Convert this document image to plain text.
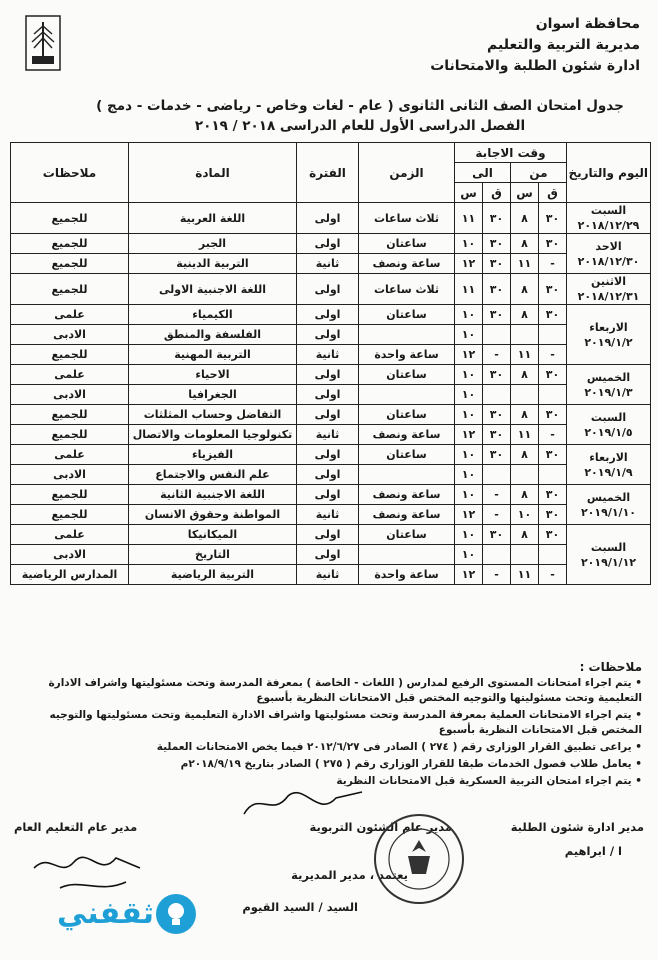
محافظة اسوان
مديرية التربية والتعليم
ادارة شئون الطلبة والامتحانات
جدول امتحان الصف الثانى الثانوى ( عام - لغات وخاص - رياضى - خدمات - دمج )
الفصل الدراسى الأول للعام الدراسى ٢٠١٨ / ٢٠١٩
اليوم والتاريخ	وقت الاجابة				الزمن	الفترة	المادة	ملاحظات
	من		الى					
	ق	س	ق	س				

السبت
٢٠١٨/١٢/٢٩	٣٠	٨	٣٠	١١	ثلاث ساعات	اولى	اللغة العربية	للجميع

الاحد
٢٠١٨/١٢/٣٠	٣٠	٨	٣٠	١٠	ساعتان	اولى	الجبر	للجميع
	-	١١	٣٠	١٢	ساعة ونصف	ثانية	التربية الدينية	للجميع

الاثنين
٢٠١٨/١٢/٣١	٣٠	٨	٣٠	١١	ثلاث ساعات	اولى	اللغة الاجنبية الاولى	للجميع

الاربعاء
٢٠١٩/١/٢	٣٠	٨	٣٠	١٠	ساعتان	اولى	الكيمياء	علمى
				١٠		اولى	الفلسفة والمنطق	الادبى
	-	١١	-	١٢	ساعة واحدة	ثانية	التربية المهنية	للجميع

الخميس
٢٠١٩/١/٣	٣٠	٨	٣٠	١٠	ساعتان	اولى	الاحياء	علمى
				١٠		اولى	الجغرافيا	الادبى

السبت
٢٠١٩/١/٥	٣٠	٨	٣٠	١٠	ساعتان	اولى	التفاضل وحساب المثلثات	للجميع
	-	١١	٣٠	١٢	ساعة ونصف	ثانية	تكنولوجيا المعلومات والاتصال	للجميع

الاربعاء
٢٠١٩/١/٩	٣٠	٨	٣٠	١٠	ساعتان	اولى	الفيزياء	علمى
				١٠		اولى	علم النفس والاجتماع	الادبى

الخميس
٢٠١٩/١/١٠	٣٠	٨	-	١٠	ساعة ونصف	اولى	اللغة الاجنبية الثانية	للجميع
	٣٠	١٠	-	١٢	ساعة ونصف	ثانية	المواطنة وحقوق الانسان	للجميع

السبت
٢٠١٩/١/١٢	٣٠	٨	٣٠	١٠	ساعتان	اولى	الميكانيكا	علمى
				١٠		اولى	التاريخ	الادبى
	-	١١	-	١٢	ساعة واحدة	ثانية	التربية الرياضية	المدارس الرياضية
ملاحظات :
• يتم اجراء امتحانات المستوى الرفيع لمدارس ( اللغات - الخاصة ) بمعرفة المدرسة وتحت مسئوليتها واشراف الادارة التعليمية وتحت مسئوليتها والتوجيه المختص قبل الامتحانات النظرية بأسبوع
• يتم اجراء الامتحانات العملية بمعرفة المدرسة وتحت مسئوليتها واشراف الادارة التعليمية وتحت مسئوليتها والتوجيه المختص قبل الامتحانات النظرية بأسبوع
• يراعى تطبيق القرار الوزارى رقم ( ٢٧٤ ) الصادر فى ٢٠١٢/٦/٢٧ فيما يخص الامتحانات العملية
• يعامل طلاب فصول الخدمات طبقا للقرار الوزارى رقم ( ٢٧٥ ) الصادر بتاريخ ٢٠١٨/٩/١٩م
• يتم اجراء امتحان التربية العسكرية قبل الامتحانات النظرية
مدير ادارة شئون الطلبة
ا / ابراهيم
مدير عام الشئون التربوية
مدير عام التعليم العام
يعتمد ، مدير المديرية
السيد / السيد القيوم
ثقفني
